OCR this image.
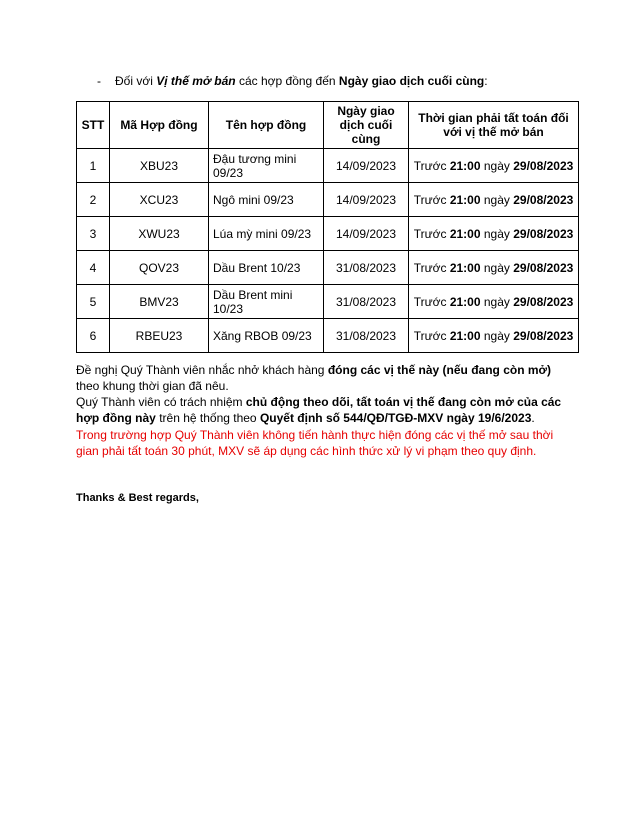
- Đối với Vị thế mở bán các hợp đồng đến Ngày giao dịch cuối cùng:
STT	Mã Hợp đồng	Tên hợp đồng	Ngày giao dịch cuối cùng	Thời gian phải tất toán đối với vị thế mở bán
1	XBU23	Đậu tương mini 09/23	14/09/2023	Trước 21:00 ngày 29/08/2023
2	XCU23	Ngô mini 09/23	14/09/2023	Trước 21:00 ngày 29/08/2023
3	XWU23	Lúa mỳ mini 09/23	14/09/2023	Trước 21:00 ngày 29/08/2023
4	QOV23	Dầu Brent 10/23	31/08/2023	Trước 21:00 ngày 29/08/2023
5	BMV23	Dầu Brent mini 10/23	31/08/2023	Trước 21:00 ngày 29/08/2023
6	RBEU23	Xăng RBOB 09/23	31/08/2023	Trước 21:00 ngày 29/08/2023
Đề nghị Quý Thành viên nhắc nhở khách hàng đóng các vị thế này (nếu đang còn mở) theo khung thời gian đã nêu.
Quý Thành viên có trách nhiệm chủ động theo dõi, tất toán vị thế đang còn mở của các hợp đồng này trên hệ thống theo Quyết định số 544/QĐ/TGĐ-MXV ngày 19/6/2023.
Trong trường hợp Quý Thành viên không tiến hành thực hiện đóng các vị thế mở sau thời gian phải tất toán 30 phút, MXV sẽ áp dụng các hình thức xử lý vi phạm theo quy định.
Thanks & Best regards,
